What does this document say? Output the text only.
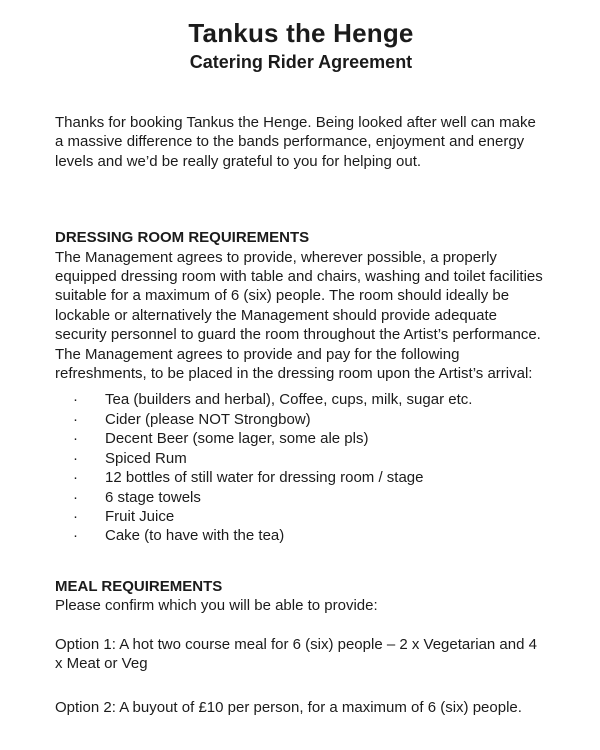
Tankus the Henge
Catering Rider Agreement

Thanks for booking Tankus the Henge. Being looked after well can make a massive difference to the bands performance, enjoyment and energy levels and we’d be really grateful to you for helping out.

DRESSING ROOM REQUIREMENTS

The Management agrees to provide, wherever possible, a properly equipped dressing room with table and chairs, washing and toilet facilities suitable for a maximum of 6 (six) people. The room should ideally be lockable or alternatively the Management should provide adequate security personnel to guard the room throughout the Artist’s performance. The Management agrees to provide and pay for the following refreshments, to be placed in the dressing room upon the Artist’s arrival:

· Tea (builders and herbal), Coffee, cups, milk, sugar etc.
· Cider (please NOT Strongbow)
· Decent Beer (some lager, some ale pls)
· Spiced Rum
· 12 bottles of still water for dressing room / stage
· 6 stage towels
· Fruit Juice
· Cake (to have with the tea)
MEAL REQUIREMENTS

Please confirm which you will be able to provide:

Option 1: A hot two course meal for 6 (six) people – 2 x Vegetarian and 4 x Meat or Veg

Option 2: A buyout of £10 per person, for a maximum of 6 (six) people.
